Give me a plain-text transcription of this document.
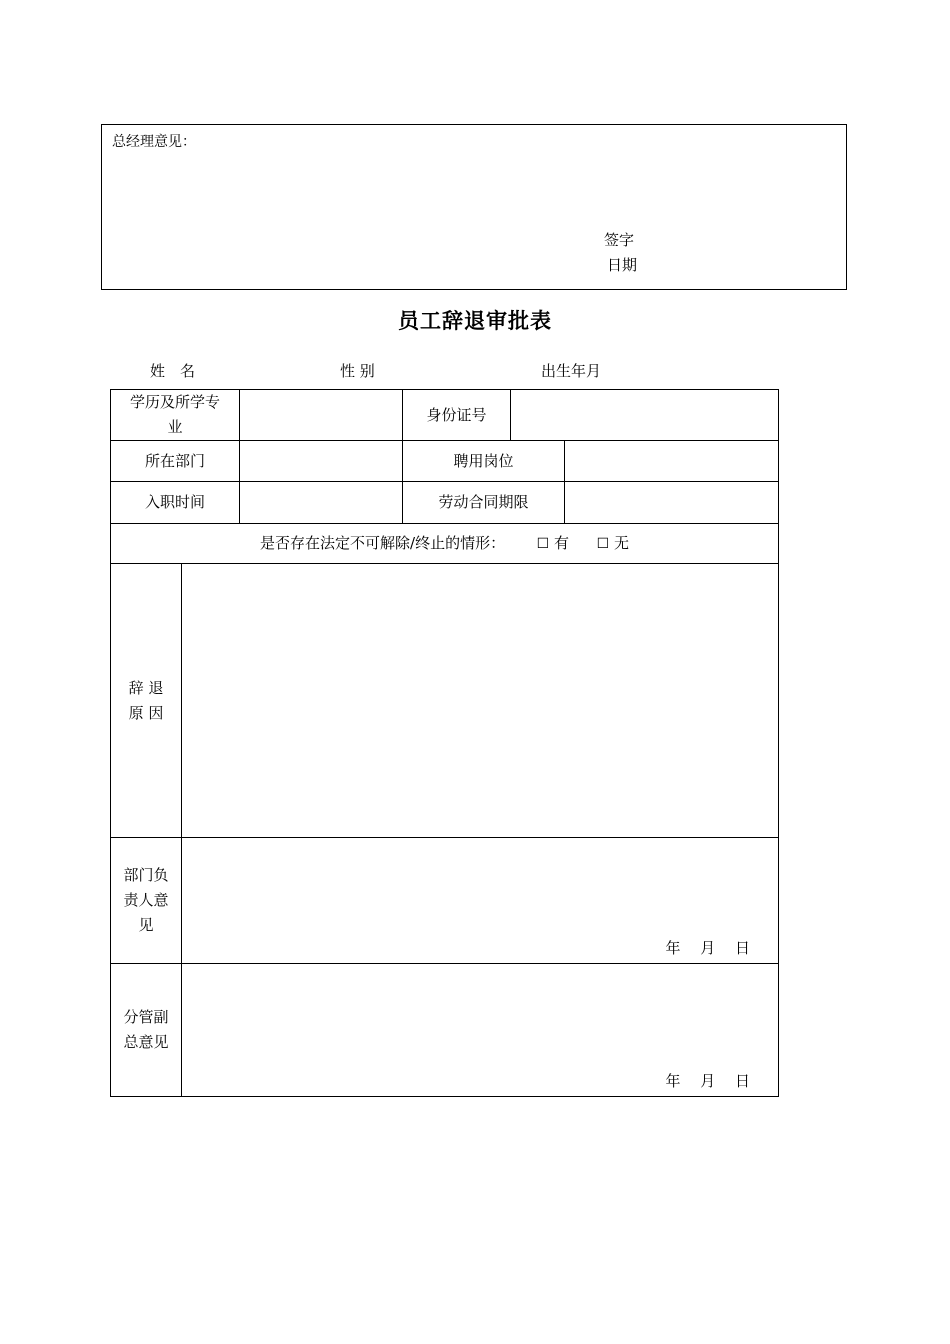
总经理意见：
签字
日期
员工辞退审批表
姓　名	性 别	出生年月
学历及所学专
业			身份证号		
所在部门			聘用岗位		
入职时间			劳动合同期限		
是否存在法定不可解除/终止的情形： ☐ 有 ☐ 无					

辞 退
原 因					

部门负
责人意
见	年　 月　 日				

分管副
总意见	年　 月　 日				
